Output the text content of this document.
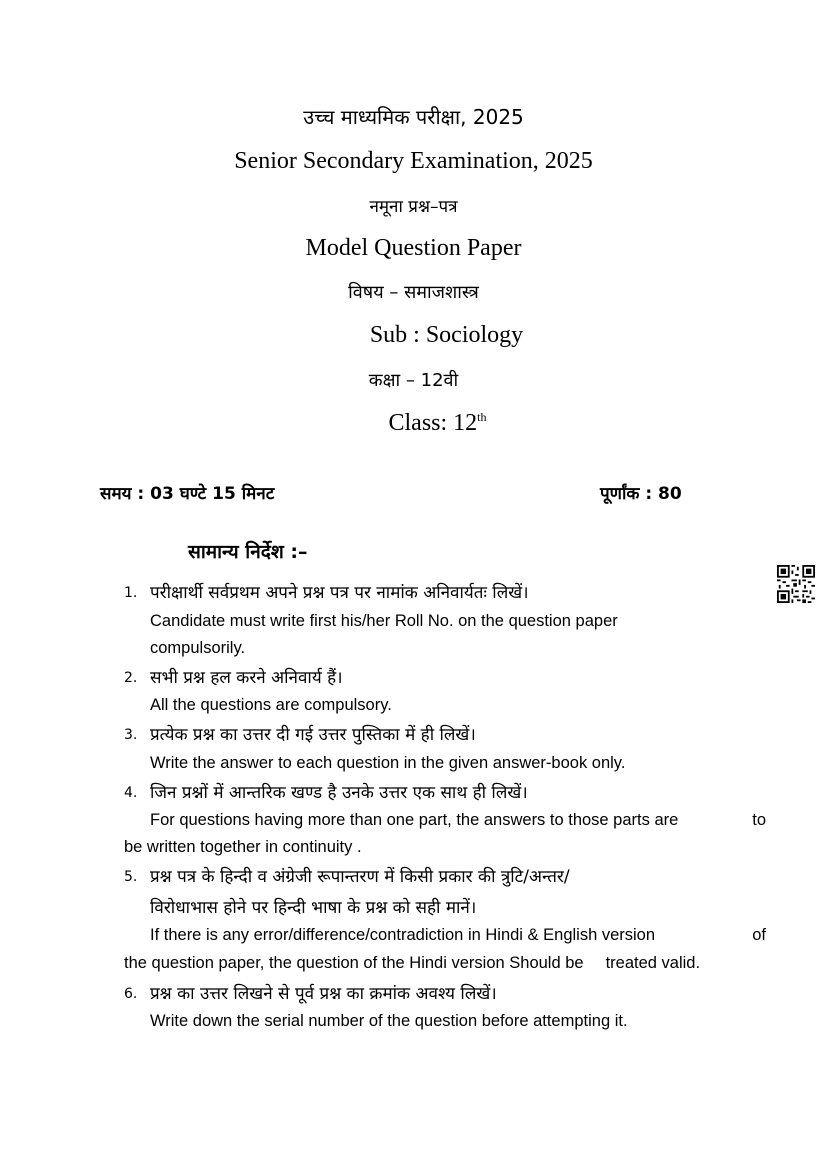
उच्च माध्यमिक परीक्षा, 2025
Senior Secondary Examination, 2025
नमूना प्रश्न–पत्र
Model Question Paper
विषय – समाजशास्त्र
Sub : Sociology
कक्षा – 12वी
Class: 12th
समय : 03 घण्टे 15 मिनट	पूर्णांक : 80
सामान्य निर्देश :–
1. परीक्षार्थी सर्वप्रथम अपने प्रश्न पत्र पर नामांक अनिवार्यतः लिखें।
Candidate must write first his/her Roll No. on the question paper
compulsorily.
2. सभी प्रश्न हल करने अनिवार्य हैं।
All the questions are compulsory.
3. प्रत्येक प्रश्न का उत्तर दी गई उत्तर पुस्तिका में ही लिखें।
Write the answer to each question in the given answer-book only.
4. जिन प्रश्नों में आन्तरिक खण्ड है उनके उत्तर एक साथ ही लिखें।
For questions having more than one part, the answers to those parts are	to
be written together in continuity .
5. प्रश्न पत्र के हिन्दी व अंग्रेजी रूपान्तरण में किसी प्रकार की त्रुटि/अन्तर/
विरोधाभास होने पर हिन्दी भाषा के प्रश्न को सही मानें।
If there is any error/difference/contradiction in Hindi & English version	of
the question paper, the question of the Hindi version Should be treated valid.
6. प्रश्न का उत्तर लिखने से पूर्व प्रश्न का क्रमांक अवश्य लिखें।
Write down the serial number of the question before attempting it.
